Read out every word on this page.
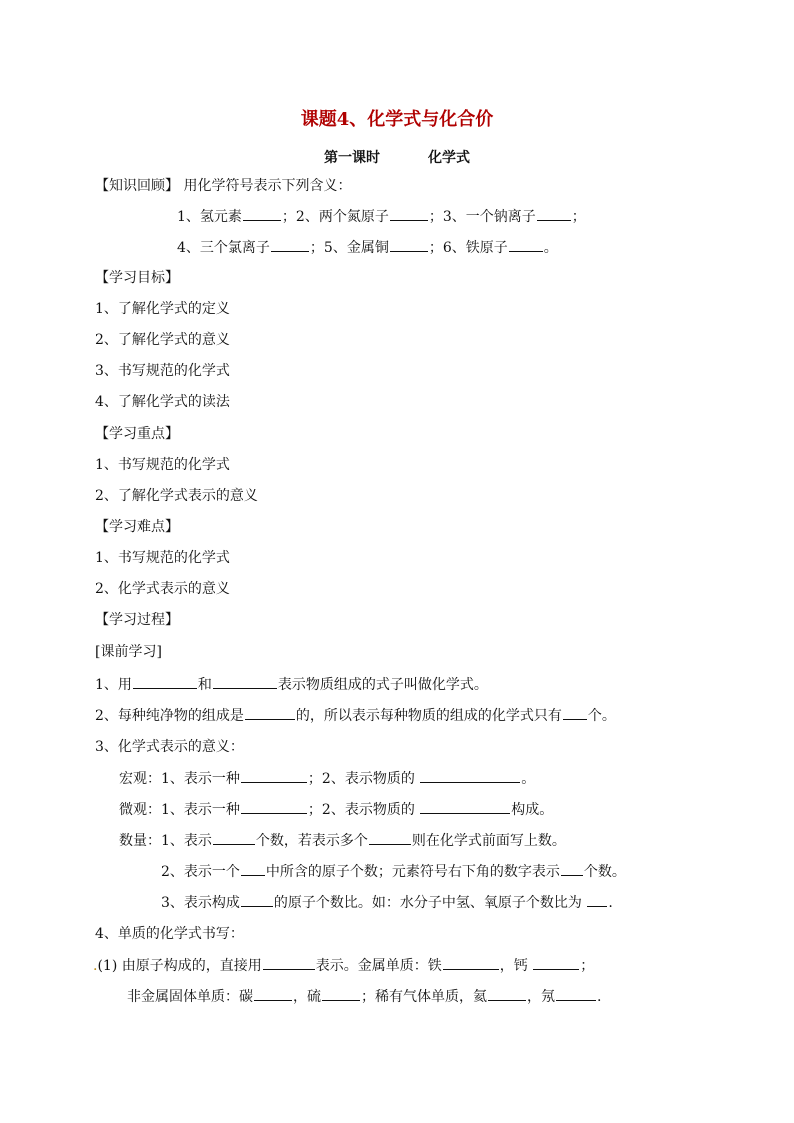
课题4、化学式与化合价
第一课时	化学式
【知识回顾】 用化学符号表示下列含义：
1、氢元素	；2、两个氮原子	；3、一个钠离子	；
4、三个氯离子	；5、金属铜	；6、铁原子	。
【学习目标】
1、了解化学式的定义
2、了解化学式的意义
3、书写规范的化学式
4、了解化学式的读法
【学习重点】
1、书写规范的化学式
2、了解化学式表示的意义
【学习难点】
1、书写规范的化学式
2、化学式表示的意义
【学习过程】
[课前学习]
1、用	和	表示物质组成的式子叫做化学式。
2、每种纯净物的组成是	的，所以表示每种物质的组成的化学式只有 个。
3、化学式表示的意义：
宏观：1、表示一种	；2、表示物质的	。
微观：1、表示一种	；2、表示物质的	构成。
数量：1、表示	个数，若表示多个	则在化学式前面写上数。
2、表示一个 中所含的原子个数；元素符号右下角的数字表示 个数。
3、表示构成 的原子个数比。如：水分子中氢、氧原子个数比为 .
4、单质的化学式书写：
.(1) 由原子构成的，直接用	表示。金属单质：铁	，钙	；
非金属固体单质：碳	，硫	；稀有气体单质，氦	，氖	.
